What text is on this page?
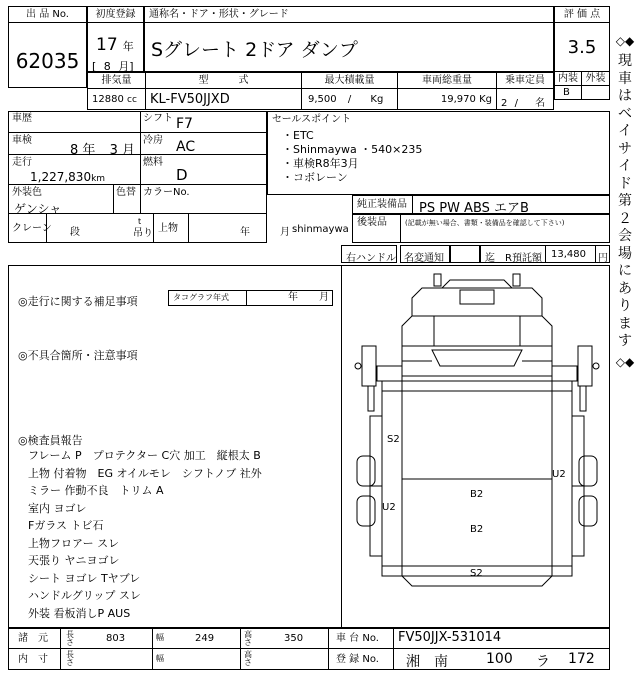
出 品 No.
62035
初度登録
17 年
[ 8 月]
通称名・ドア・形状・グレード
Sグレート 2ドア ダンプ
評 価 点
3.5
内装 外装
B
排気量	型　　　式	最大積載量	車両総重量	乗車定員
12880 cc	KL-FV50JJXD	9,500 / Kg	19,970 Kg 2 / 名
車歴	シフト F7
車検
8 年 3 月
冷房 AC
走行
1,227,830km
燃料
D
外装色
ゲンシャ
色替 カラーNo.
クレーン 段
t
吊り 上物	年
セールスポイント
・ETC
・Shinmaywa ・540×235
・車検R8年3月
・コボレーン
純正装備品 PS PW ABS エアB
後装品	(記載が無い場合、書類・装備品を確認して下さい)
shinmaywa
月
右ハンドル 名変通知	迄 R預託額 13,480 円
◎走行に関する補足事項	タコグラフ年式	年 月
◎不具合箇所・注意事項
◎検査員報告
フレーム P　プロテクター C穴 加工　縦根太 B
上物 付着物　EG オイルモレ　シフトノブ 社外
ミラー 作動不良　トリム A
室内 ヨゴレ
Fガラス トビ石
上物フロアー スレ
天張り ヤニヨゴレ
シート ヨゴレ Tヤブレ
ハンドルグリップ スレ
外装 看板消しP AUS
S2
U2
U2
B2
B2
S2
諸　元 長さ	803	幅	249	高さ	350	車 台 No. FV50JJX-531014
内　寸 長さ	幅	高さ	登 録 No. 湘　南	100 ラ 172
◇◆
現車はベイサイド第２会場にあります
◇◆
